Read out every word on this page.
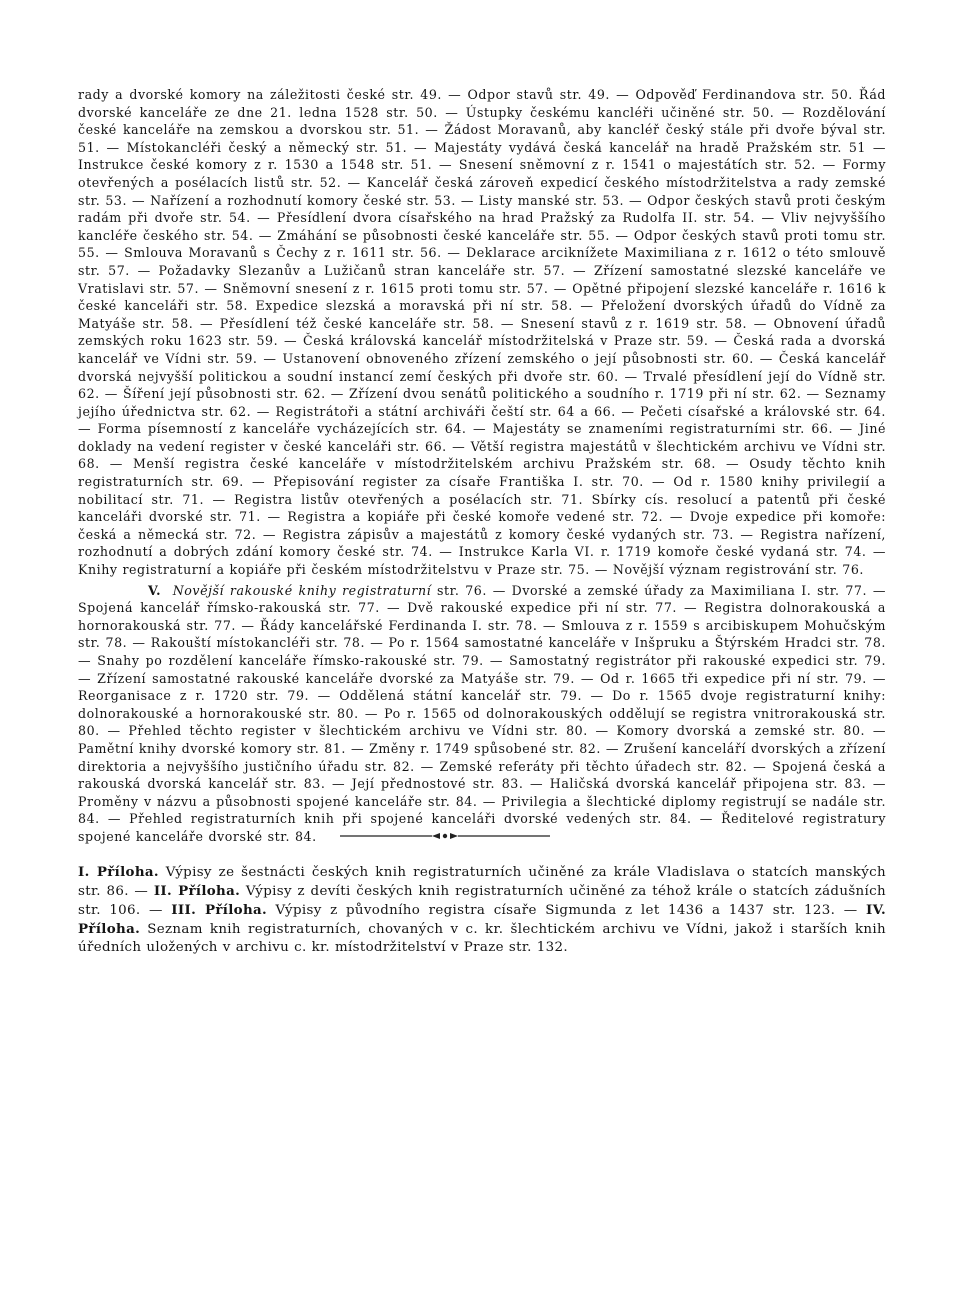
rady a dvorské komory na záležitosti české str. 49. — Odpor stavů str. 49. — Odpověď Ferdinandova str. 50. Řád dvorské kanceláře ze dne 21. ledna 1528 str. 50. — Ústupky českému kancléři učiněné str. 50. — Rozdělování české kanceláře na zemskou a dvorskou str. 51. — Žádost Moravanů, aby kancléř český stále při dvoře býval str. 51. — Místokancléři český a německý str. 51. — Majestáty vydává česká kancelář na hradě Pražském str. 51 — Instrukce české komory z r. 1530 a 1548 str. 51. — Snesení sněmovní z r. 1541 o majestátích str. 52. — Formy otevřených a posélacích listů str. 52. — Kancelář česká zároveň expedicí českého místodržitelstva a rady zemské str. 53. — Nařízení a rozhodnutí komory české str. 53. — Listy manské str. 53. — Odpor českých stavů proti českým radám při dvoře str. 54. — Přesídlení dvora císařského na hrad Pražský za Rudolfa II. str. 54. — Vliv nejvyššího kancléře českého str. 54. — Zmáhání se působnosti české kanceláře str. 55. — Odpor českých stavů proti tomu str. 55. — Smlouva Moravanů s Čechy z r. 1611 str. 56. — Deklarace arciknížete Maximiliana z r. 1612 o této smlouvě str. 57. — Požadavky Slezanův a Lužičanů stran kanceláře str. 57. — Zřízení samostatné slezské kanceláře ve Vratislavi str. 57. — Sněmovní snesení z r. 1615 proti tomu str. 57. — Opětné připojení slezské kanceláře r. 1616 k české kanceláři str. 58. Expedice slezská a moravská při ní str. 58. — Přeložení dvorských úřadů do Vídně za Matyáše str. 58. — Přesídlení též české kanceláře str. 58. — Snesení stavů z r. 1619 str. 58. — Obnovení úřadů zemských roku 1623 str. 59. — Česká královská kancelář místodržitelská v Praze str. 59. — Česká rada a dvorská kancelář ve Vídni str. 59. — Ustanovení obnoveného zřízení zemského o její působnosti str. 60. — Česká kancelář dvorská nejvyšší politickou a soudní instancí zemí českých při dvoře str. 60. — Trvalé přesídlení její do Vídně str. 62. — Šíření její působnosti str. 62. — Zřízení dvou senátů politického a soudního r. 1719 při ní str. 62. — Seznamy jejího úřednictva str. 62. — Registrátoři a státní archiváři čeští str. 64 a 66. — Pečeti císařské a královské str. 64. — Forma písemností z kanceláře vycházejících str. 64. — Majestáty se znameními registraturními str. 66. — Jiné doklady na vedení register v české kanceláři str. 66. — Větší registra majestátů v šlechtickém archivu ve Vídni str. 68. — Menší registra české kanceláře v místodržitelském archivu Pražském str. 68. — Osudy těchto knih registraturních str. 69. — Přepisování register za císaře Františka I. str. 70. — Od r. 1580 knihy privilegií a nobilitací str. 71. — Registra listův otevřených a posélacích str. 71. Sbírky cís. resolucí a patentů při české kanceláři dvorské str. 71. — Registra a kopiáře při české komoře vedené str. 72. — Dvoje expedice při komoře: česká a německá str. 72. — Registra zápisův a majestátů z komory české vydaných str. 73. — Registra nařízení, rozhodnutí a dobrých zdání komory české str. 74. — Instrukce Karla VI. r. 1719 komoře české vydaná str. 74. — Knihy registraturní a kopiáře při českém místodržitelstvu v Praze str. 75. — Novější význam registrování str. 76.

V. Novější rakouské knihy registraturní str. 76. — Dvorské a zemské úřady za Maximiliana I. str. 77. — Spojená kancelář římsko-rakouská str. 77. — Dvě rakouské expedice při ní str. 77. — Registra dolnorakouská a hornorakouská str. 77. — Řády kancelářské Ferdinanda I. str. 78. — Smlouva z r. 1559 s arcibiskupem Mohučským str. 78. — Rakouští místokancléři str. 78. — Po r. 1564 samostatné kanceláře v Inšpruku a Štýrském Hradci str. 78. — Snahy po rozdělení kanceláře římsko-rakouské str. 79. — Samostatný registrátor při rakouské expedici str. 79. — Zřízení samostatné rakouské kanceláře dvorské za Matyáše str. 79. — Od r. 1665 tři expedice při ní str. 79. — Reorganisace z r. 1720 str. 79. — Oddělená státní kancelář str. 79. — Do r. 1565 dvoje registraturní knihy: dolnorakouské a hornorakouské str. 80. — Po r. 1565 od dolnorakouských oddělují se registra vnitrorakouská str. 80. — Přehled těchto register v šlechtickém archivu ve Vídni str. 80. — Komory dvorská a zemské str. 80. — Pamětní knihy dvorské komory str. 81. — Změny r. 1749 spůsobené str. 82. — Zrušení kanceláří dvorských a zřízení direktoria a nejvyššího justičního úřadu str. 82. — Zemské referáty při těchto úřadech str. 82. — Spojená česká a rakouská dvorská kancelář str. 83. — Její přednostové str. 83. — Haličská dvorská kancelář připojena str. 83. — Proměny v názvu a působnosti spojené kanceláře str. 84. — Privilegia a šlechtické diplomy registrují se nadále str. 84. — Přehled registraturních knih při spojené kanceláři dvorské vedených str. 84. — Ředitelové registratury spojené kanceláře dvorské str. 84.

I. Příloha. Výpisy ze šestnácti českých knih registraturních učiněné za krále Vladislava o statcích manských str. 86. — II. Příloha. Výpisy z devíti českých knih registraturních učiněné za téhož krále o statcích zádušních str. 106. — III. Příloha. Výpisy z původního registra císaře Sigmunda z let 1436 a 1437 str. 123. — IV. Příloha. Seznam knih registraturních, chovaných v c. kr. šlechtickém archivu ve Vídni, jakož i starších knih úředních uložených v archivu c. kr. místodržitelství v Praze str. 132.
